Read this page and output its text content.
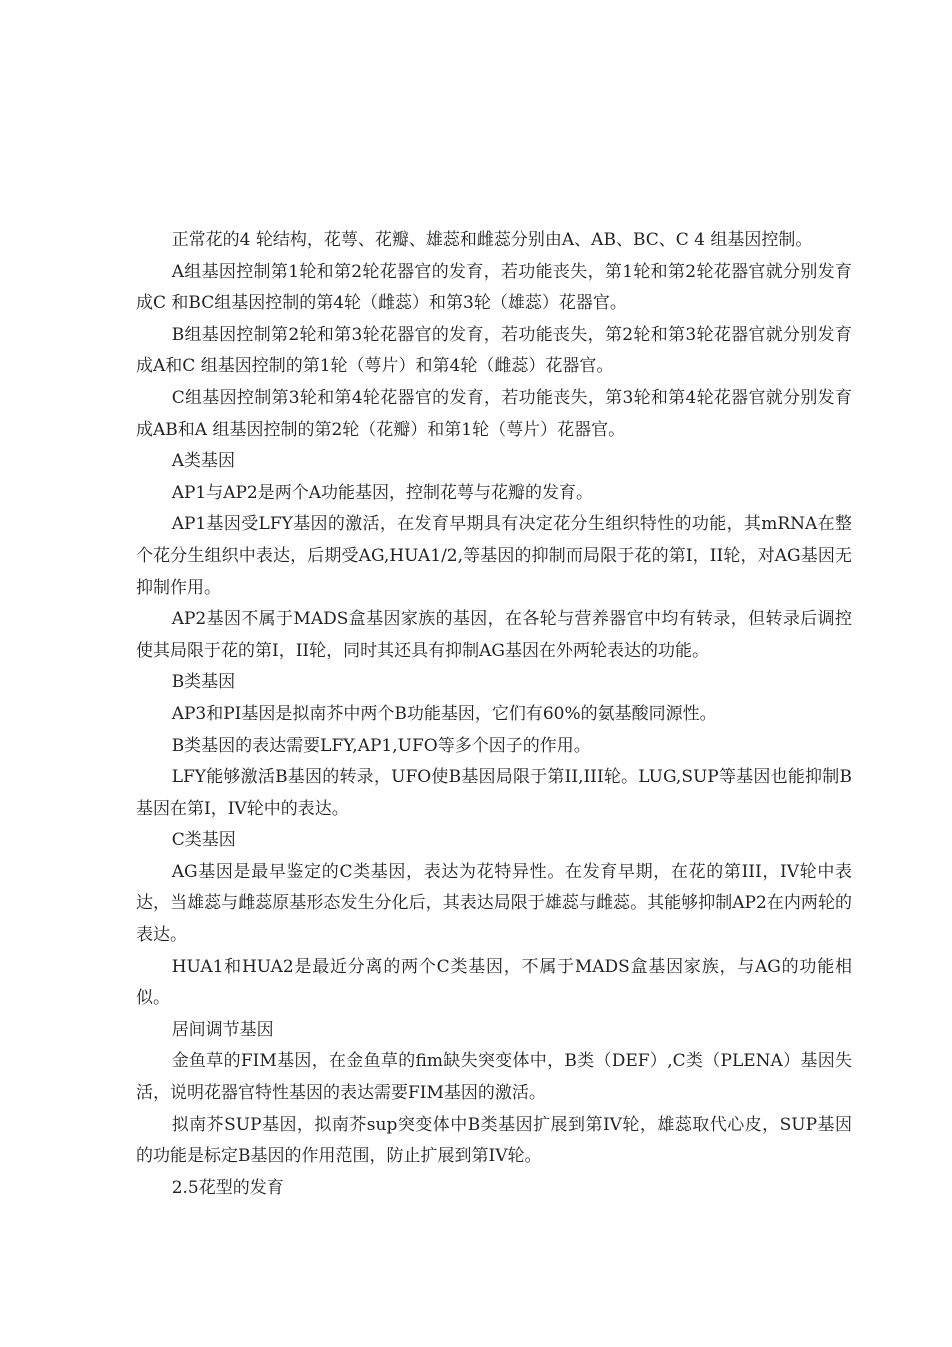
正常花的4 轮结构，花萼、花瓣、雄蕊和雌蕊分别由A、AB、BC、C 4 组基因控制。

A组基因控制第1轮和第2轮花器官的发育，若功能丧失，第1轮和第2轮花器官就分别发育成C 和BC组基因控制的第4轮（雌蕊）和第3轮（雄蕊）花器官。

B组基因控制第2轮和第3轮花器官的发育，若功能丧失，第2轮和第3轮花器官就分别发育成A和C 组基因控制的第1轮（萼片）和第4轮（雌蕊）花器官。

C组基因控制第3轮和第4轮花器官的发育，若功能丧失，第3轮和第4轮花器官就分别发育成AB和A 组基因控制的第2轮（花瓣）和第1轮（萼片）花器官。

A类基因

AP1与AP2是两个A功能基因，控制花萼与花瓣的发育。

AP1基因受LFY基因的激活，在发育早期具有决定花分生组织特性的功能，其mRNA在整个花分生组织中表达，后期受AG,HUA1/2,等基因的抑制而局限于花的第I，II轮，对AG基因无抑制作用。

AP2基因不属于MADS盒基因家族的基因，在各轮与营养器官中均有转录，但转录后调控使其局限于花的第I，II轮，同时其还具有抑制AG基因在外两轮表达的功能。

B类基因

AP3和PI基因是拟南芥中两个B功能基因，它们有60%的氨基酸同源性。

B类基因的表达需要LFY,AP1,UFO等多个因子的作用。

LFY能够激活B基因的转录，UFO使B基因局限于第II,III轮。LUG,SUP等基因也能抑制B基因在第I，IV轮中的表达。

C类基因

AG基因是最早鉴定的C类基因，表达为花特异性。在发育早期，在花的第III，IV轮中表达，当雄蕊与雌蕊原基形态发生分化后，其表达局限于雄蕊与雌蕊。其能够抑制AP2在内两轮的表达。

HUA1和HUA2是最近分离的两个C类基因，不属于MADS盒基因家族，与AG的功能相似。

居间调节基因

金鱼草的FIM基因，在金鱼草的fim缺失突变体中，B类（DEF）,C类（PLENA）基因失活，说明花器官特性基因的表达需要FIM基因的激活。

拟南芥SUP基因，拟南芥sup突变体中B类基因扩展到第IV轮，雄蕊取代心皮，SUP基因的功能是标定B基因的作用范围，防止扩展到第IV轮。

2.5花型的发育
